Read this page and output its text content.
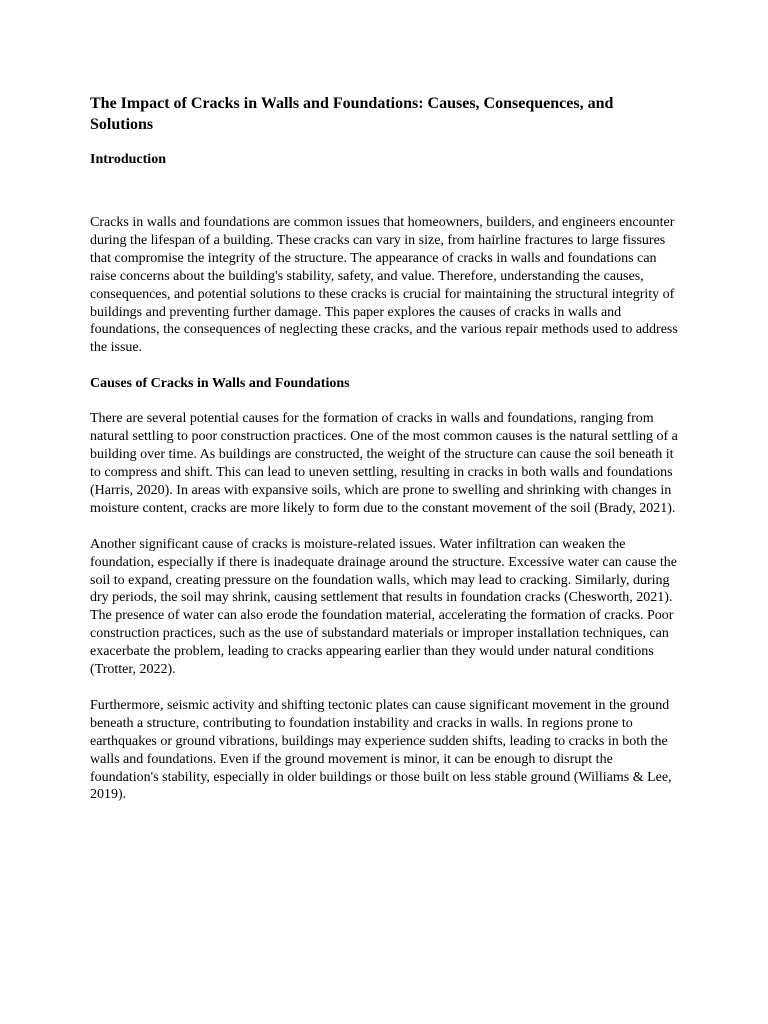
The Impact of Cracks in Walls and Foundations: Causes, Consequences, and Solutions
Introduction

Cracks in walls and foundations are common issues that homeowners, builders, and engineers encounter during the lifespan of a building. These cracks can vary in size, from hairline fractures to large fissures that compromise the integrity of the structure. The appearance of cracks in walls and foundations can raise concerns about the building's stability, safety, and value. Therefore, understanding the causes, consequences, and potential solutions to these cracks is crucial for maintaining the structural integrity of buildings and preventing further damage. This paper explores the causes of cracks in walls and foundations, the consequences of neglecting these cracks, and the various repair methods used to address the issue.

Causes of Cracks in Walls and Foundations

There are several potential causes for the formation of cracks in walls and foundations, ranging from natural settling to poor construction practices. One of the most common causes is the natural settling of a building over time. As buildings are constructed, the weight of the structure can cause the soil beneath it to compress and shift. This can lead to uneven settling, resulting in cracks in both walls and foundations (Harris, 2020). In areas with expansive soils, which are prone to swelling and shrinking with changes in moisture content, cracks are more likely to form due to the constant movement of the soil (Brady, 2021).

Another significant cause of cracks is moisture-related issues. Water infiltration can weaken the foundation, especially if there is inadequate drainage around the structure. Excessive water can cause the soil to expand, creating pressure on the foundation walls, which may lead to cracking. Similarly, during dry periods, the soil may shrink, causing settlement that results in foundation cracks (Chesworth, 2021). The presence of water can also erode the foundation material, accelerating the formation of cracks. Poor construction practices, such as the use of substandard materials or improper installation techniques, can exacerbate the problem, leading to cracks appearing earlier than they would under natural conditions (Trotter, 2022).

Furthermore, seismic activity and shifting tectonic plates can cause significant movement in the ground beneath a structure, contributing to foundation instability and cracks in walls. In regions prone to earthquakes or ground vibrations, buildings may experience sudden shifts, leading to cracks in both the walls and foundations. Even if the ground movement is minor, it can be enough to disrupt the foundation's stability, especially in older buildings or those built on less stable ground (Williams & Lee, 2019).
